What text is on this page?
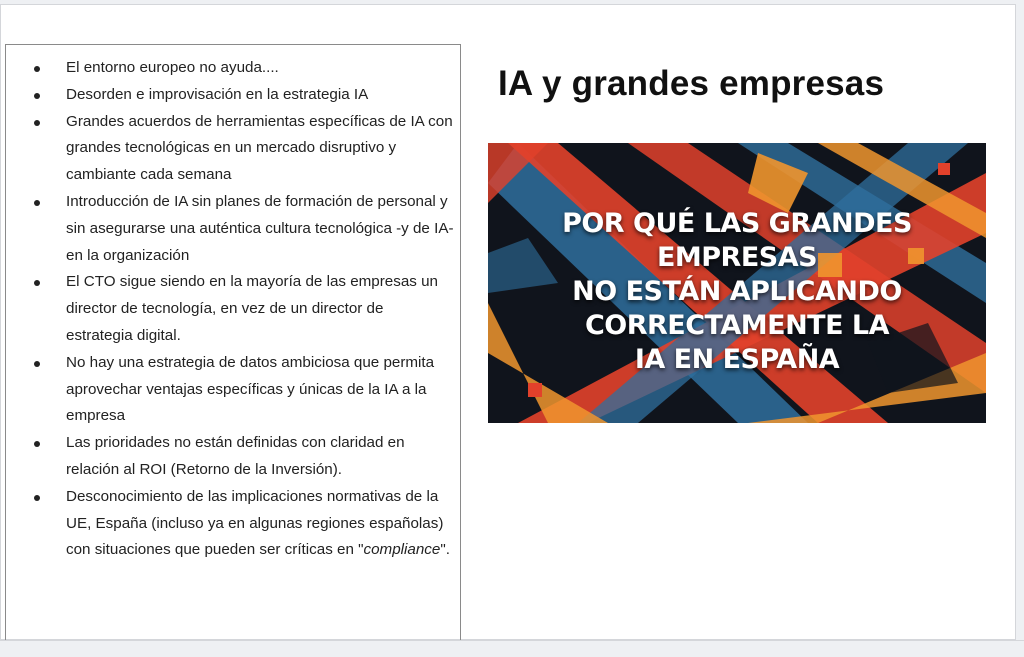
El entorno europeo no ayuda....
Desorden e improvisación en la estrategia IA
Grandes acuerdos de herramientas específicas de IA con grandes tecnológicas en un mercado disruptivo y cambiante cada semana
Introducción de IA sin planes de formación de personal y sin asegurarse una auténtica cultura tecnológica -y de IA- en la organización
El CTO sigue siendo en la mayoría de las empresas un director de tecnología, en vez de un director de estrategia digital.
No hay una estrategia de datos ambiciosa que permita aprovechar ventajas específicas y únicas de la IA a la empresa
Las prioridades no están definidas con claridad en relación al ROI (Retorno de la Inversión).
Desconocimiento de las implicaciones normativas de la UE, España (incluso ya en algunas regiones españolas) con situaciones que pueden ser críticas en "compliance".
IA y grandes empresas
POR QUÉ LAS GRANDES
EMPRESAS
NO ESTÁN APLICANDO
CORRECTAMENTE LA
IA EN ESPAÑA
